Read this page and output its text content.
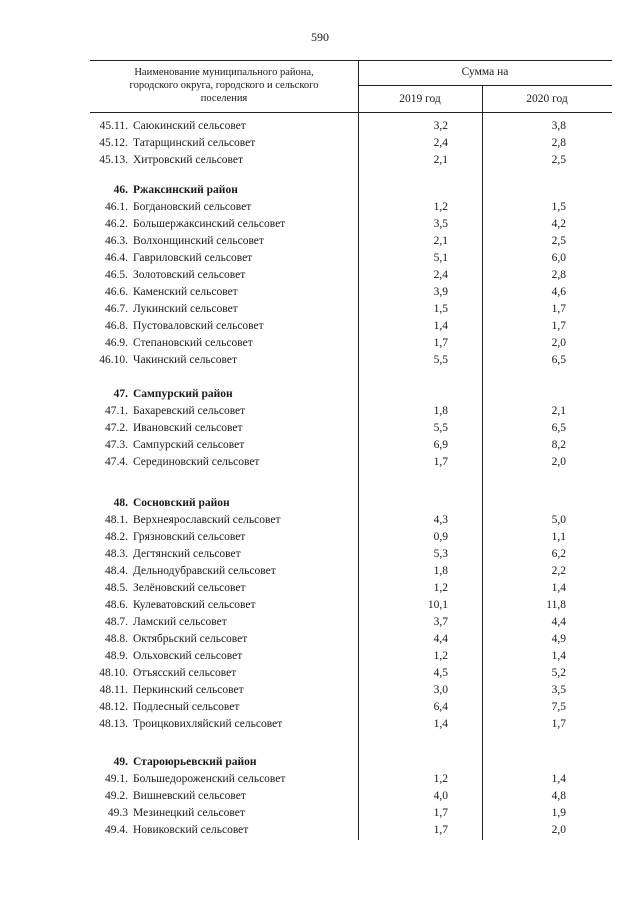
590
Наименование муниципального района,
городского округа, городского и сельского
поселения
Сумма на
2019 год	2020 год
45.11. Саюкинский сельсовет	3,2	3,8
45.12. Татарщинский сельсовет	2,4	2,8
45.13. Хитровский сельсовет	2,1	2,5
46. Ржаксинский район
46.1. Богдановский сельсовет	1,2	1,5
46.2. Большержаксинский сельсовет	3,5	4,2
46.3. Волхонщинский сельсовет	2,1	2,5
46.4. Гавриловский сельсовет	5,1	6,0
46.5. Золотовский сельсовет	2,4	2,8
46.6. Каменский сельсовет	3,9	4,6
46.7. Лукинский сельсовет	1,5	1,7
46.8. Пустоваловский сельсовет	1,4	1,7
46.9. Степановский сельсовет	1,7	2,0
46.10. Чакинский сельсовет	5,5	6,5
47. Сампурский район
47.1. Бахаревский сельсовет	1,8	2,1
47.2. Ивановский сельсовет	5,5	6,5
47.3. Сампурский сельсовет	6,9	8,2
47.4. Серединовский сельсовет	1,7	2,0
48. Сосновский район
48.1. Верхнеярославский сельсовет	4,3	5,0
48.2. Грязновский сельсовет	0,9	1,1
48.3. Дегтянский сельсовет	5,3	6,2
48.4. Дельнодубравский сельсовет	1,8	2,2
48.5. Зелёновский сельсовет	1,2	1,4
48.6. Кулеватовский сельсовет	10,1	11,8
48.7. Ламский сельсовет	3,7	4,4
48.8. Октябрьский сельсовет	4,4	4,9
48.9. Ольховский сельсовет	1,2	1,4
48.10. Отъясский сельсовет	4,5	5,2
48.11. Перкинский сельсовет	3,0	3,5
48.12. Подлесный сельсовет	6,4	7,5
48.13. Троицковихляйский сельсовет	1,4	1,7
49. Староюрьевский район
49.1. Большедороженский сельсовет	1,2	1,4
49.2. Вишневский сельсовет	4,0	4,8
49.3 Мезинецкий сельсовет	1,7	1,9
49.4. Новиковский сельсовет	1,7	2,0
